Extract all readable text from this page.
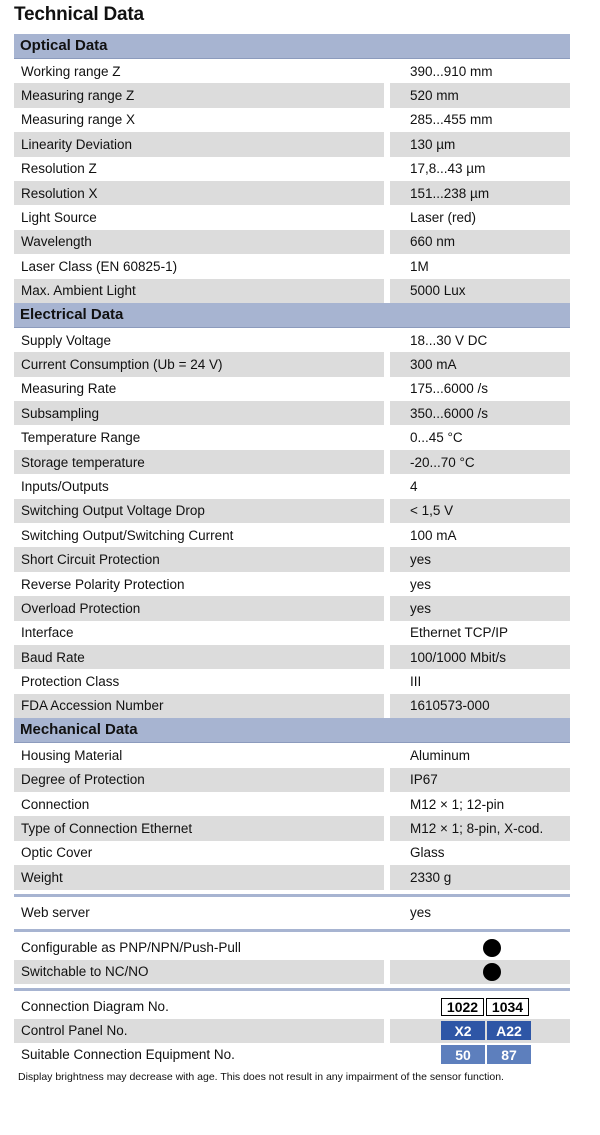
Technical Data
Optical Data
Working range Z	390...910 mm
Measuring range Z	520 mm
Measuring range X	285...455 mm
Linearity Deviation	130 µm
Resolution Z	17,8...43 µm
Resolution X	151...238 µm
Light Source	Laser (red)
Wavelength	660 nm
Laser Class (EN 60825-1)	1M
Max. Ambient Light	5000 Lux
Electrical Data
Supply Voltage	18...30 V DC
Current Consumption (Ub = 24 V)	300 mA
Measuring Rate	175...6000 /s
Subsampling	350...6000 /s
Temperature Range	0...45 °C
Storage temperature	-20...70 °C
Inputs/Outputs	4
Switching Output Voltage Drop	< 1,5 V
Switching Output/Switching Current	100 mA
Short Circuit Protection	yes
Reverse Polarity Protection	yes
Overload Protection	yes
Interface	Ethernet TCP/IP
Baud Rate	100/1000 Mbit/s
Protection Class	III
FDA Accession Number	1610573-000
Mechanical Data
Housing Material	Aluminum
Degree of Protection	IP67
Connection	M12 × 1; 12-pin
Type of Connection Ethernet	M12 × 1; 8-pin, X-cod.
Optic Cover	Glass
Weight	2330 g
Web server	yes
Configurable as PNP/NPN/Push-Pull
Switchable to NC/NO
Connection Diagram No.	1022 1034
Control Panel No.	X2	A22
Suitable Connection Equipment No.	50	87
Display brightness may decrease with age. This does not result in any impairment of the sensor function.
